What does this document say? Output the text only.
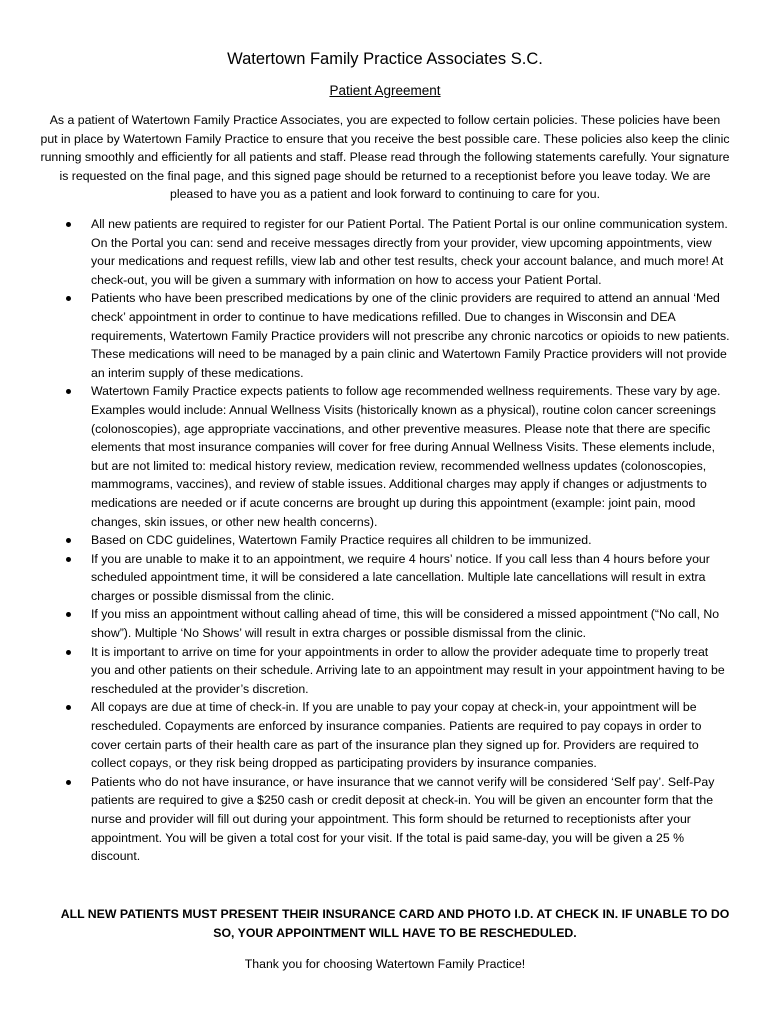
Watertown Family Practice Associates S.C.
Patient Agreement

As a patient of Watertown Family Practice Associates, you are expected to follow certain policies. These policies have been put in place by Watertown Family Practice to ensure that you receive the best possible care. These policies also keep the clinic running smoothly and efficiently for all patients and staff. Please read through the following statements carefully. Your signature is requested on the final page, and this signed page should be returned to a receptionist before you leave today. We are pleased to have you as a patient and look forward to continuing to care for you.

All new patients are required to register for our Patient Portal. The Patient Portal is our online communication system. On the Portal you can: send and receive messages directly from your provider, view upcoming appointments, view your medications and request refills, view lab and other test results, check your account balance, and much more! At check-out, you will be given a summary with information on how to access your Patient Portal.
Patients who have been prescribed medications by one of the clinic providers are required to attend an annual ‘Med check’ appointment in order to continue to have medications refilled. Due to changes in Wisconsin and DEA requirements, Watertown Family Practice providers will not prescribe any chronic narcotics or opioids to new patients. These medications will need to be managed by a pain clinic and Watertown Family Practice providers will not provide an interim supply of these medications.
Watertown Family Practice expects patients to follow age recommended wellness requirements. These vary by age. Examples would include: Annual Wellness Visits (historically known as a physical), routine colon cancer screenings (colonoscopies), age appropriate vaccinations, and other preventive measures. Please note that there are specific elements that most insurance companies will cover for free during Annual Wellness Visits. These elements include, but are not limited to: medical history review, medication review, recommended wellness updates (colonoscopies, mammograms, vaccines), and review of stable issues. Additional charges may apply if changes or adjustments to medications are needed or if acute concerns are brought up during this appointment (example: joint pain, mood changes, skin issues, or other new health concerns).
Based on CDC guidelines, Watertown Family Practice requires all children to be immunized.
If you are unable to make it to an appointment, we require 4 hours’ notice. If you call less than 4 hours before your scheduled appointment time, it will be considered a late cancellation. Multiple late cancellations will result in extra charges or possible dismissal from the clinic.
If you miss an appointment without calling ahead of time, this will be considered a missed appointment (“No call, No show”). Multiple ‘No Shows’ will result in extra charges or possible dismissal from the clinic.
It is important to arrive on time for your appointments in order to allow the provider adequate time to properly treat you and other patients on their schedule. Arriving late to an appointment may result in your appointment having to be rescheduled at the provider’s discretion.
All copays are due at time of check-in. If you are unable to pay your copay at check-in, your appointment will be rescheduled. Copayments are enforced by insurance companies. Patients are required to pay copays in order to cover certain parts of their health care as part of the insurance plan they signed up for. Providers are required to collect copays, or they risk being dropped as participating providers by insurance companies.
Patients who do not have insurance, or have insurance that we cannot verify will be considered ‘Self pay’. Self-Pay patients are required to give a $250 cash or credit deposit at check-in. You will be given an encounter form that the nurse and provider will fill out during your appointment. This form should be returned to receptionists after your appointment. You will be given a total cost for your visit. If the total is paid same-day, you will be given a 25 % discount.

ALL NEW PATIENTS MUST PRESENT THEIR INSURANCE CARD AND PHOTO I.D. AT CHECK IN. IF UNABLE TO DO SO, YOUR APPOINTMENT WILL HAVE TO BE RESCHEDULED.

Thank you for choosing Watertown Family Practice!
